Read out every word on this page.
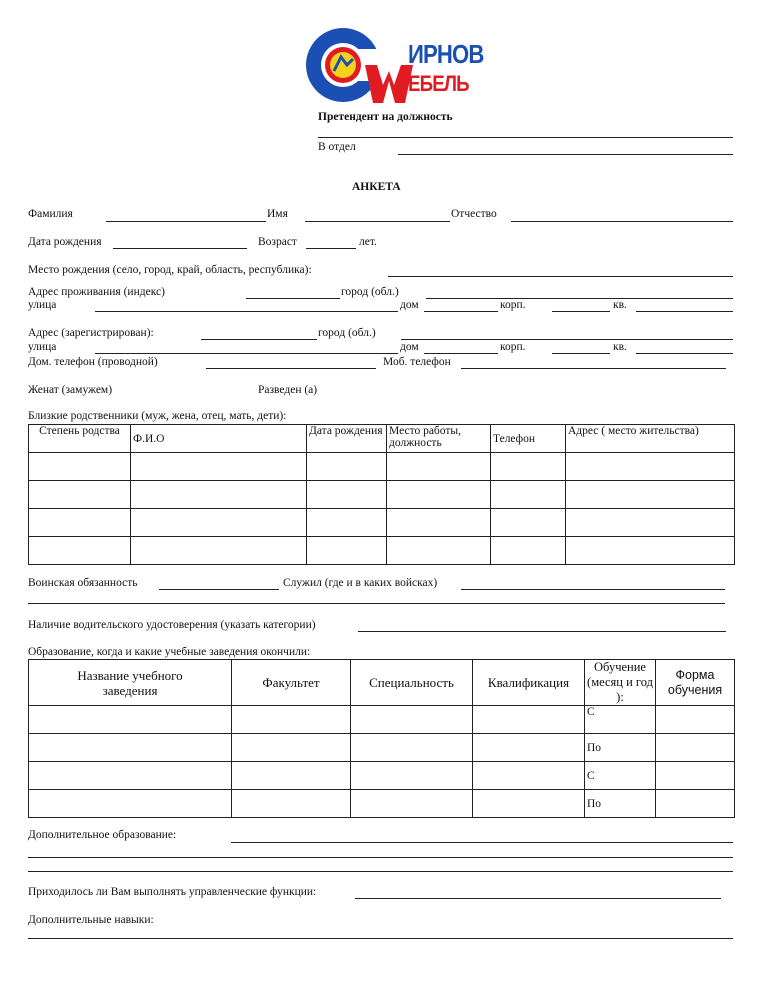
ИРНОВ
ЕБЕЛЬ
Претендент на должность
В отдел
АНКЕТА
Фамилия	Имя	Отчество
Дата рождения	Возраст	лет.
Место рождения (село, город, край, область, республика):
Адрес проживания (индекс)	город (обл.)
улица	дом	корп.	кв.
Адрес (зарегистрирован):	город (обл.)
улица	дом	корп.	кв.
Дом. телефон (проводной)	Моб. телефон
Женат (замужем)	Разведен (а)
Близкие родственники (муж, жена, отец, мать, дети):
Степень родства	Ф.И.О	Дата рождения	Место работы, должность	Телефон	Адрес ( место жительства)

Воинская обязанность	Служил (где и в каких войсках)
Наличие водительского удостоверения (указать категории)
Образование, когда и какие учебные заведения окончили:
Название учебного заведения	Факультет	Специальность	Квалификация	Обучение (месяц и год ):	Форма обучения
				С	
				По	
				С	
				По	
Дополнительное образование:
Приходилось ли Вам выполнять управленческие функции:
Дополнительные навыки:
